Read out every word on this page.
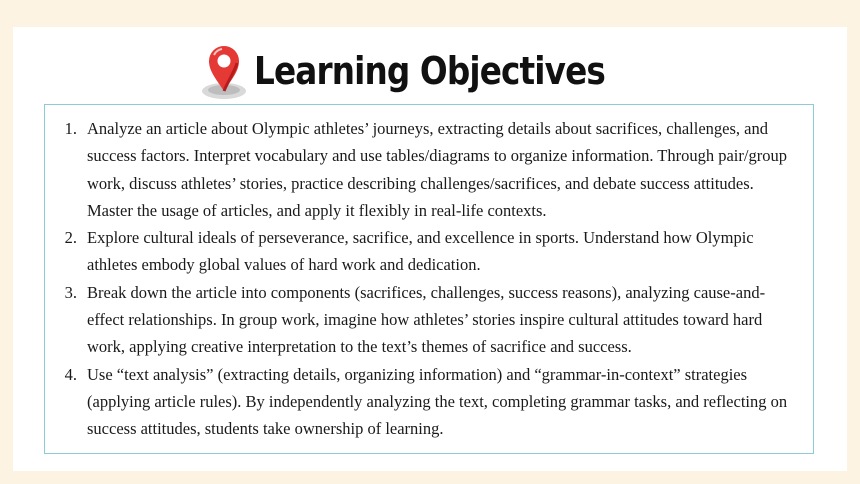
Learning Objectives
1. Analyze an article about Olympic athletes’ journeys, extracting details about sacrifices, challenges, and success factors. Interpret vocabulary and use tables/diagrams to organize information. Through pair/group work, discuss athletes’ stories, practice describing challenges/sacrifices, and debate success attitudes. Master the usage of articles, and apply it flexibly in real-life contexts.
2. Explore cultural ideals of perseverance, sacrifice, and excellence in sports. Understand how Olympic athletes embody global values of hard work and dedication.
3. Break down the article into components (sacrifices, challenges, success reasons), analyzing cause-and-effect relationships. In group work, imagine how athletes’ stories inspire cultural attitudes toward hard work, applying creative interpretation to the text’s themes of sacrifice and success.
4. Use “text analysis” (extracting details, organizing information) and “grammar-in-context” strategies (applying article rules). By independently analyzing the text, completing grammar tasks, and reflecting on success attitudes, students take ownership of learning.
